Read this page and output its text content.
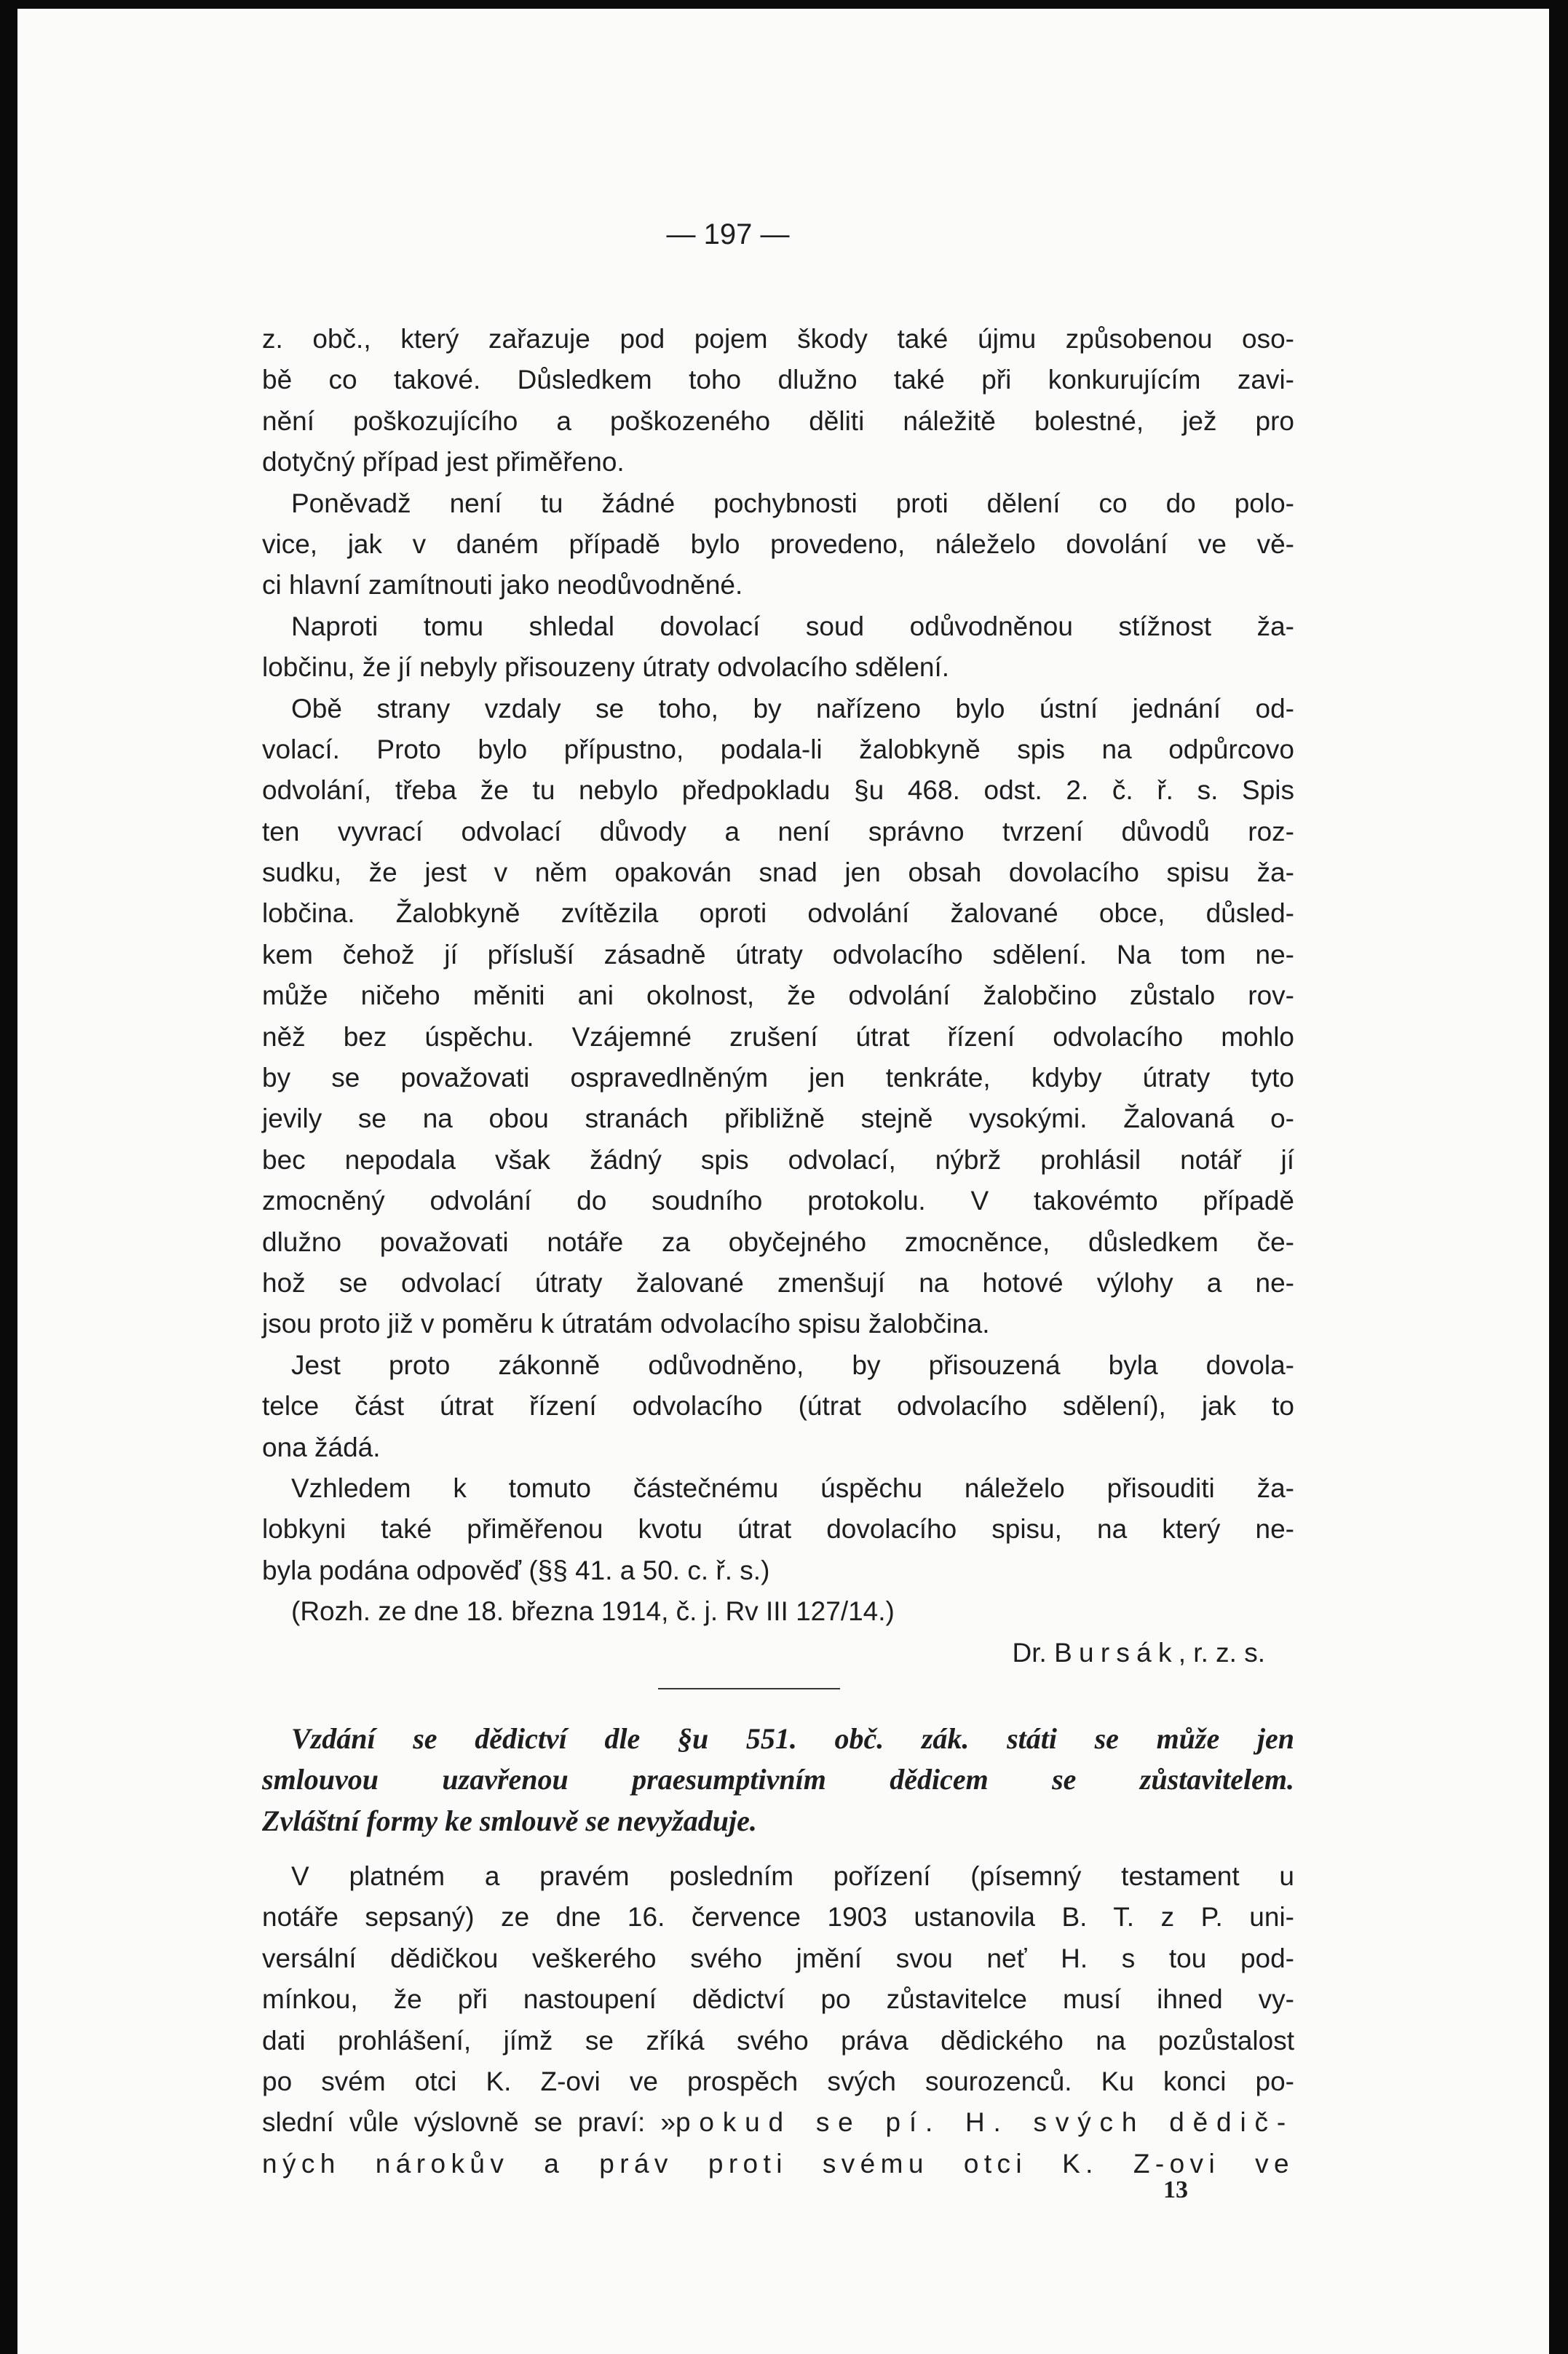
— 197 —
z. obč., který zařazuje pod pojem škody také újmu způsobenou oso-
bě co takové. Důsledkem toho dlužno také při konkurujícím zavi-
nění poškozujícího a poškozeného děliti náležitě bolestné, jež pro
dotyčný případ jest přiměřeno.
Poněvadž není tu žádné pochybnosti proti dělení co do polo-
vice, jak v daném případě bylo provedeno, náleželo dovolání ve vě-
ci hlavní zamítnouti jako neodůvodněné.
Naproti tomu shledal dovolací soud odůvodněnou stížnost ža-
lobčinu, že jí nebyly přisouzeny útraty odvolacího sdělení.
Obě strany vzdaly se toho, by nařízeno bylo ústní jednání od-
volací. Proto bylo přípustno, podala-li žalobkyně spis na odpůrcovo
odvolání, třeba že tu nebylo předpokladu §u 468. odst. 2. č. ř. s. Spis
ten vyvrací odvolací důvody a není správno tvrzení důvodů roz-
sudku, že jest v něm opakován snad jen obsah dovolacího spisu ža-
lobčina. Žalobkyně zvítězila oproti odvolání žalované obce, důsled-
kem čehož jí přísluší zásadně útraty odvolacího sdělení. Na tom ne-
může ničeho měniti ani okolnost, že odvolání žalobčino zůstalo rov-
něž bez úspěchu. Vzájemné zrušení útrat řízení odvolacího mohlo
by se považovati ospravedlněným jen tenkráte, kdyby útraty tyto
jevily se na obou stranách přibližně stejně vysokými. Žalovaná o-
bec nepodala však žádný spis odvolací, nýbrž prohlásil notář jí
zmocněný odvolání do soudního protokolu. V takovémto případě
dlužno považovati notáře za obyčejného zmocněnce, důsledkem če-
hož se odvolací útraty žalované zmenšují na hotové výlohy a ne-
jsou proto již v poměru k útratám odvolacího spisu žalobčina.
Jest proto zákonně odůvodněno, by přisouzená byla dovola-
telce část útrat řízení odvolacího (útrat odvolacího sdělení), jak to
ona žádá.
Vzhledem k tomuto částečnému úspěchu náleželo přisouditi ža-
lobkyni také přiměřenou kvotu útrat dovolacího spisu, na který ne-
byla podána odpověď (§§ 41. a 50. c. ř. s.)
(Rozh. ze dne 18. března 1914, č. j. Rv III 127/14.)
Dr. Bursák, r. z. s.
Vzdání se dědictví dle §u 551. obč. zák. státi se může jen
smlouvou uzavřenou praesumptivním dědicem se zůstavitelem.
Zvláštní formy ke smlouvě se nevyžaduje.
V platném a pravém posledním pořízení (písemný testament u
notáře sepsaný) ze dne 16. července 1903 ustanovila B. T. z P. uni-
versální dědičkou veškerého svého jmění svou neť H. s tou pod-
mínkou, že při nastoupení dědictví po zůstavitelce musí ihned vy-
dati prohlášení, jímž se zříká svého práva dědického na pozůstalost
po svém otci K. Z-ovi ve prospěch svých sourozenců. Ku konci po-
slední vůle výslovně se praví: »pokud se pí. H. svých dědič-
ných nárokův a práv proti svému otci K. Z-ovi ve
13
